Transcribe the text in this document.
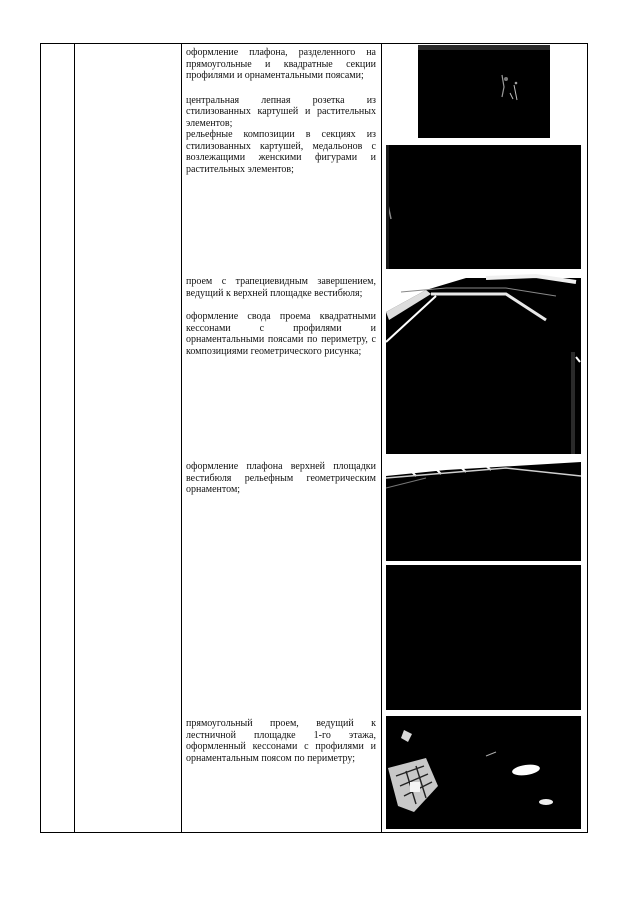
оформление плафона, разделенного на прямоугольные и квадратные секции профилями и орнаментальными поясами;

центральная лепная розетка из стилизованных картушей и растительных элементов;

рельефные композиции в секциях из стилизованных картушей, медальонов с возлежащими женскими фигурами и растительных элементов;

проем с трапециевидным завершением, ведущий к верхней площадке вестибюля;

оформление свода проема квадратными кессонами с профилями и орнаментальными поясами по периметру, с композициями геометрического рисунка;

оформление плафона верхней площадки вестибюля рельефным геометрическим орнаментом;

прямоугольный проем, ведущий к лестничной площадке 1-го этажа, оформленный кессонами с профилями и орнаментальным поясом по периметру;
